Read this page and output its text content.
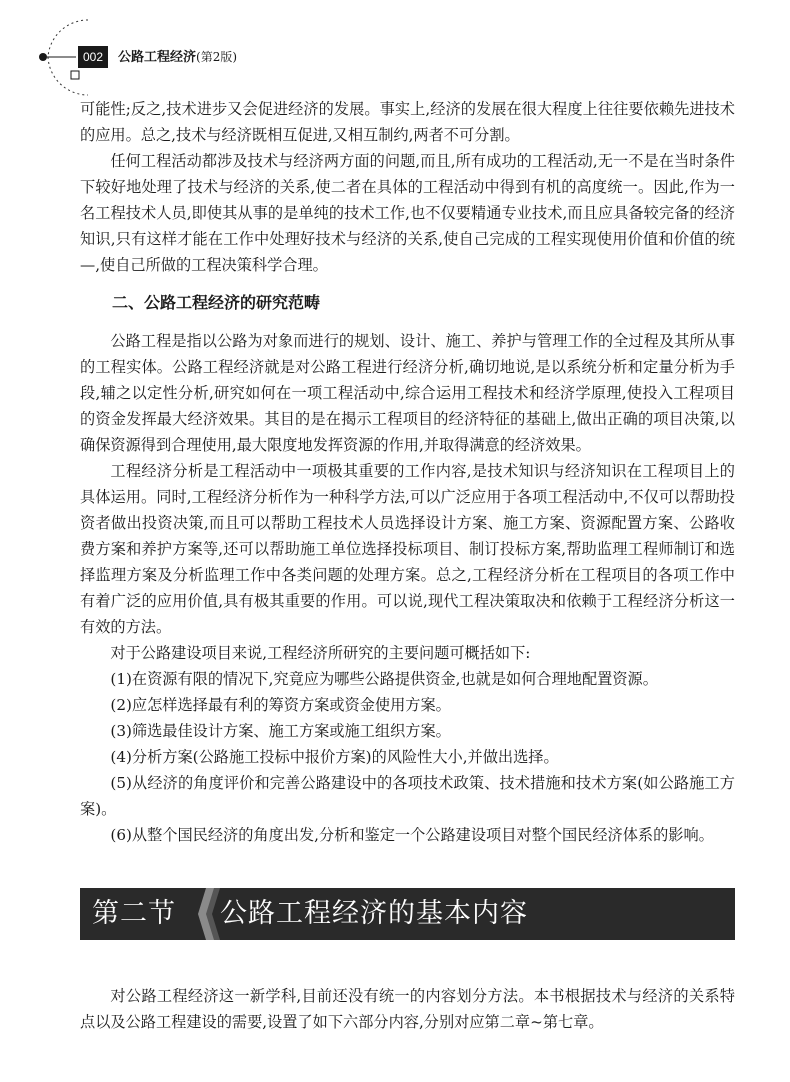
002	公路工程经济(第2版)

可能性;反之,技术进步又会促进经济的发展。事实上,经济的发展在很大程度上往往要依赖先进技术的应用。总之,技术与经济既相互促进,又相互制约,两者不可分割。

任何工程活动都涉及技术与经济两方面的问题,而且,所有成功的工程活动,无一不是在当时条件下较好地处理了技术与经济的关系,使二者在具体的工程活动中得到有机的高度统一。因此,作为一名工程技术人员,即使其从事的是单纯的技术工作,也不仅要精通专业技术,而且应具备较完备的经济知识,只有这样才能在工作中处理好技术与经济的关系,使自己完成的工程实现使用价值和价值的统—,使自己所做的工程决策科学合理。

二、公路工程经济的研究范畴

公路工程是指以公路为对象而进行的规划、设计、施工、养护与管理工作的全过程及其所从事的工程实体。公路工程经济就是对公路工程进行经济分析,确切地说,是以系统分析和定量分析为手段,辅之以定性分析,研究如何在一项工程活动中,综合运用工程技术和经济学原理,使投入工程项目的资金发挥最大经济效果。其目的是在揭示工程项目的经济特征的基础上,做出正确的项目决策,以确保资源得到合理使用,最大限度地发挥资源的作用,并取得满意的经济效果。

工程经济分析是工程活动中一项极其重要的工作内容,是技术知识与经济知识在工程项目上的具体运用。同时,工程经济分析作为一种科学方法,可以广泛应用于各项工程活动中,不仅可以帮助投资者做出投资决策,而且可以帮助工程技术人员选择设计方案、施工方案、资源配置方案、公路收费方案和养护方案等,还可以帮助施工单位选择投标项目、制订投标方案,帮助监理工程师制订和选择监理方案及分析监理工作中各类问题的处理方案。总之,工程经济分析在工程项目的各项工作中有着广泛的应用价值,具有极其重要的作用。可以说,现代工程决策取决和依赖于工程经济分析这一有效的方法。

对于公路建设项目来说,工程经济所研究的主要问题可概括如下:

(1)在资源有限的情况下,究竟应为哪些公路提供资金,也就是如何合理地配置资源。

(2)应怎样选择最有利的筹资方案或资金使用方案。

(3)筛选最佳设计方案、施工方案或施工组织方案。

(4)分析方案(公路施工投标中报价方案)的风险性大小,并做出选择。

(5)从经济的角度评价和完善公路建设中的各项技术政策、技术措施和技术方案(如公路施工方案)。

(6)从整个国民经济的角度出发,分析和鉴定一个公路建设项目对整个国民经济体系的影响。

第二节 公路工程经济的基本内容

对公路工程经济这一新学科,目前还没有统一的内容划分方法。本书根据技术与经济的关系特点以及公路工程建设的需要,设置了如下六部分内容,分别对应第二章~第七章。
